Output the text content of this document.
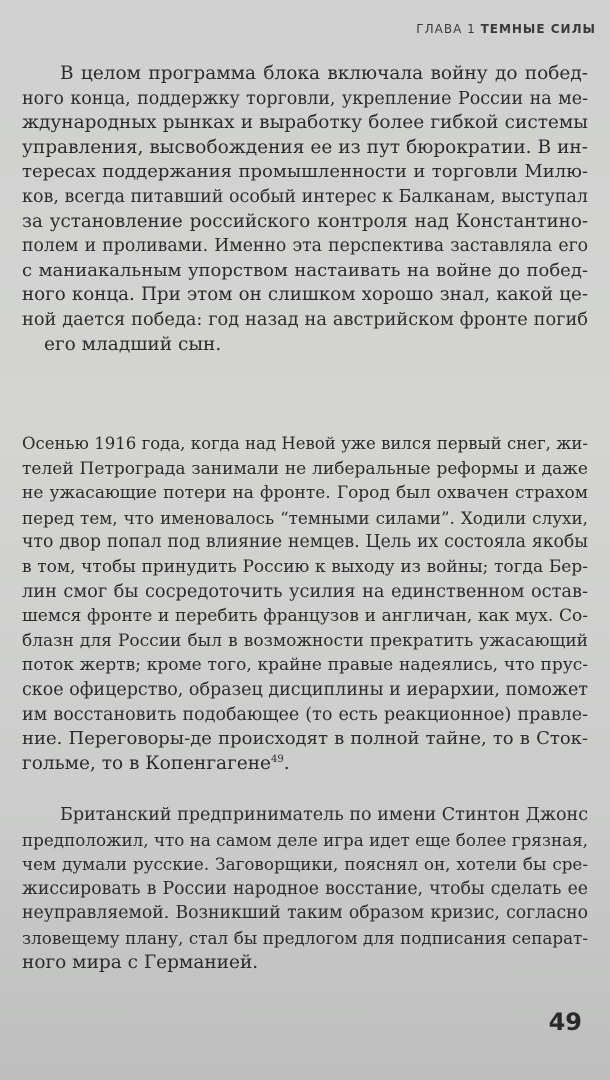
ГЛАВА 1 ТЕМНЫЕ СИЛЫ
В целом программа блока включала войну до побед-
ного конца, поддержку торговли, укрепление России на ме-
ждународных рынках и выработку более гибкой системы
управления, высвобождения ее из пут бюрократии. В ин-
тересах поддержания промышленности и торговли Милю-
ков, всегда питавший особый интерес к Балканам, выступал
за установление российского контроля над Константино-
полем и проливами. Именно эта перспектива заставляла его
с маниакальным упорством настаивать на войне до побед-
ного конца. При этом он слишком хорошо знал, какой це-
ной дается победа: год назад на австрийском фронте погиб
его младший сын.
Осенью 1916 года, когда над Невой уже вился первый снег, жи-
телей Петрограда занимали не либеральные реформы и даже
не ужасающие потери на фронте. Город был охвачен страхом
перед тем, что именовалось “темными силами”. Ходили слухи,
что двор попал под влияние немцев. Цель их состояла якобы
в том, чтобы принудить Россию к выходу из войны; тогда Бер-
лин смог бы сосредоточить усилия на единственном остав-
шемся фронте и перебить французов и англичан, как мух. Со-
блазн для России был в возможности прекратить ужасающий
поток жертв; кроме того, крайне правые надеялись, что прус-
ское офицерство, образец дисциплины и иерархии, поможет
им восстановить подобающее (то есть реакционное) правле-
ние. Переговоры-де происходят в полной тайне, то в Сток-
гольме, то в Копенгагене$^{49}$.
Британский предприниматель по имени Стинтон Джонс
предположил, что на самом деле игра идет еще более грязная,
чем думали русские. Заговорщики, пояснял он, хотели бы сре-
жиссировать в России народное восстание, чтобы сделать ее
неуправляемой. Возникший таким образом кризис, согласно
зловещему плану, стал бы предлогом для подписания сепарат-
ного мира с Германией.
49
